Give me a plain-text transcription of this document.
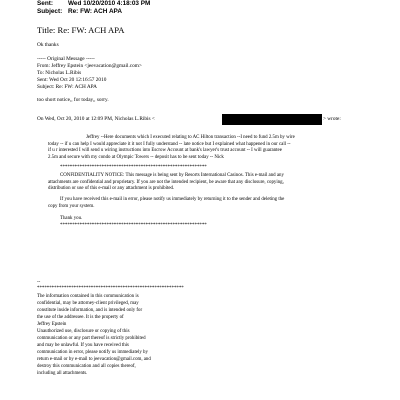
Sent: Wed 10/20/2010 4:18:03 PM
Subject: Re: FW: ACH APA
Title: Re: FW: ACH APA
Ok thanks
----- Original Message -----
From: Jeffrey Epstein <jeevacation@gmail.com>
To: Nicholas L.Ribis
Sent: Wed Oct 20 12:16:57 2010
Subject: Re: FW: ACH APA
too short notice,, for today,, sorry.
On Wed, Oct 20, 2010 at 12:09 PM, Nicholas L.Ribis <	> wrote:
Jeffrey --Here documents which I executed relating to AC Hilton transaction --I need to fund 2.5m by wire
today -- if u can help I would appreciate it it not I fully understand -- late notice but I explained what happened in our call --
if u r interested I will send u wiring instructions into Escrow Account at bank's lawyer's trust account -- I will guarantee
2.5m and secure with my condo at Olympic Towers -- deposit has to be sent today -- Nick
************************************************************
CONFIDENTIALITY NOTICE: This message is being sent by Resorts International Casinos. This e-mail and any
attachments are confidential and proprietary. If you are not the intended recipient, be aware that any disclosure, copying,
distribution or use of this e-mail or any attachment is prohibited.
If you have received this e-mail in error, please notify us immediately by returning it to the sender and deleting the
copy from your system.
Thank you.
************************************************************
--
************************************************************
The information contained in this communication is
confidential, may be attorney-client privileged, may
constitute inside information, and is intended only for
the use of the addressee. It is the property of
Jeffrey Epstein
Unauthorized use, disclosure or copying of this
communication or any part thereof is strictly prohibited
and may be unlawful. If you have received this
communication in error, please notify us immediately by
return e-mail or by e-mail to jeevacation@gmail.com, and
destroy this communication and all copies thereof,
including all attachments.
